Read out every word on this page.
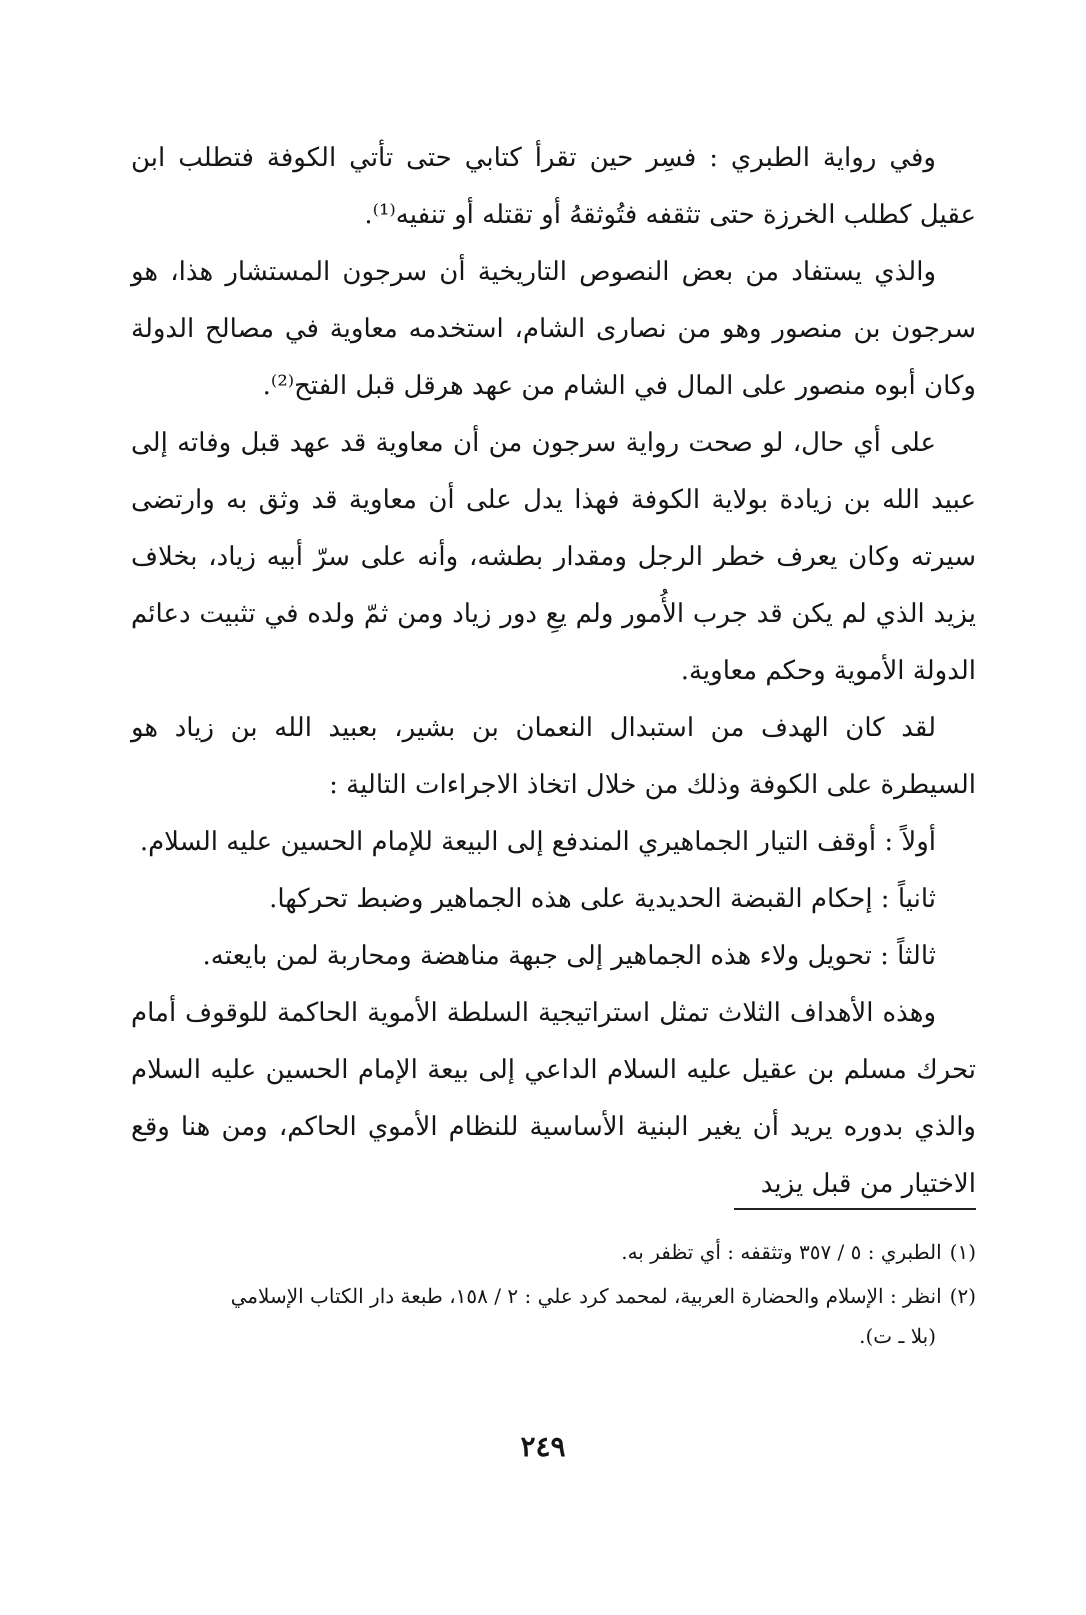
وفي رواية الطبري : فسِر حين تقرأ كتابي حتى تأتي الكوفة فتطلب ابن عقيل كطلب الخرزة حتى تثقفه فتُوثقهُ أو تقتله أو تنفيه⁽¹⁾.

والذي يستفاد من بعض النصوص التاريخية أن سرجون المستشار هذا، هو سرجون بن منصور وهو من نصارى الشام، استخدمه معاوية في مصالح الدولة وكان أبوه منصور على المال في الشام من عهد هرقل قبل الفتح⁽²⁾.

على أي حال، لو صحت رواية سرجون من أن معاوية قد عهد قبل وفاته إلى عبيد الله بن زيادة بولاية الكوفة فهذا يدل على أن معاوية قد وثق به وارتضى سيرته وكان يعرف خطر الرجل ومقدار بطشه، وأنه على سرّ أبيه زياد، بخلاف يزيد الذي لم يكن قد جرب الأُمور ولم يعِ دور زياد ومن ثمّ ولده في تثبيت دعائم الدولة الأموية وحكم معاوية.

لقد كان الهدف من استبدال النعمان بن بشير، بعبيد الله بن زياد هو السيطرة على الكوفة وذلك من خلال اتخاذ الاجراءات التالية :

أولاً : أوقف التيار الجماهيري المندفع إلى البيعة للإمام الحسين عليه السلام.

ثانياً : إحكام القبضة الحديدية على هذه الجماهير وضبط تحركها.

ثالثاً : تحويل ولاء هذه الجماهير إلى جبهة مناهضة ومحاربة لمن بايعته.

وهذه الأهداف الثلاث تمثل استراتيجية السلطة الأموية الحاكمة للوقوف أمام تحرك مسلم بن عقيل عليه السلام الداعي إلى بيعة الإمام الحسين عليه السلام والذي بدوره يريد أن يغير البنية الأساسية للنظام الأموي الحاكم، ومن هنا وقع الاختيار من قبل يزيد

(١)الطبري : ٥ / ٣٥٧ وتثقفه : أي تظفر به.

(٢)انظر : الإسلام والحضارة العربية، لمحمد كرد علي : ٢ / ١٥٨، طبعة دار الكتاب الإسلامي
(بلا ـ ت).

٢٤٩
